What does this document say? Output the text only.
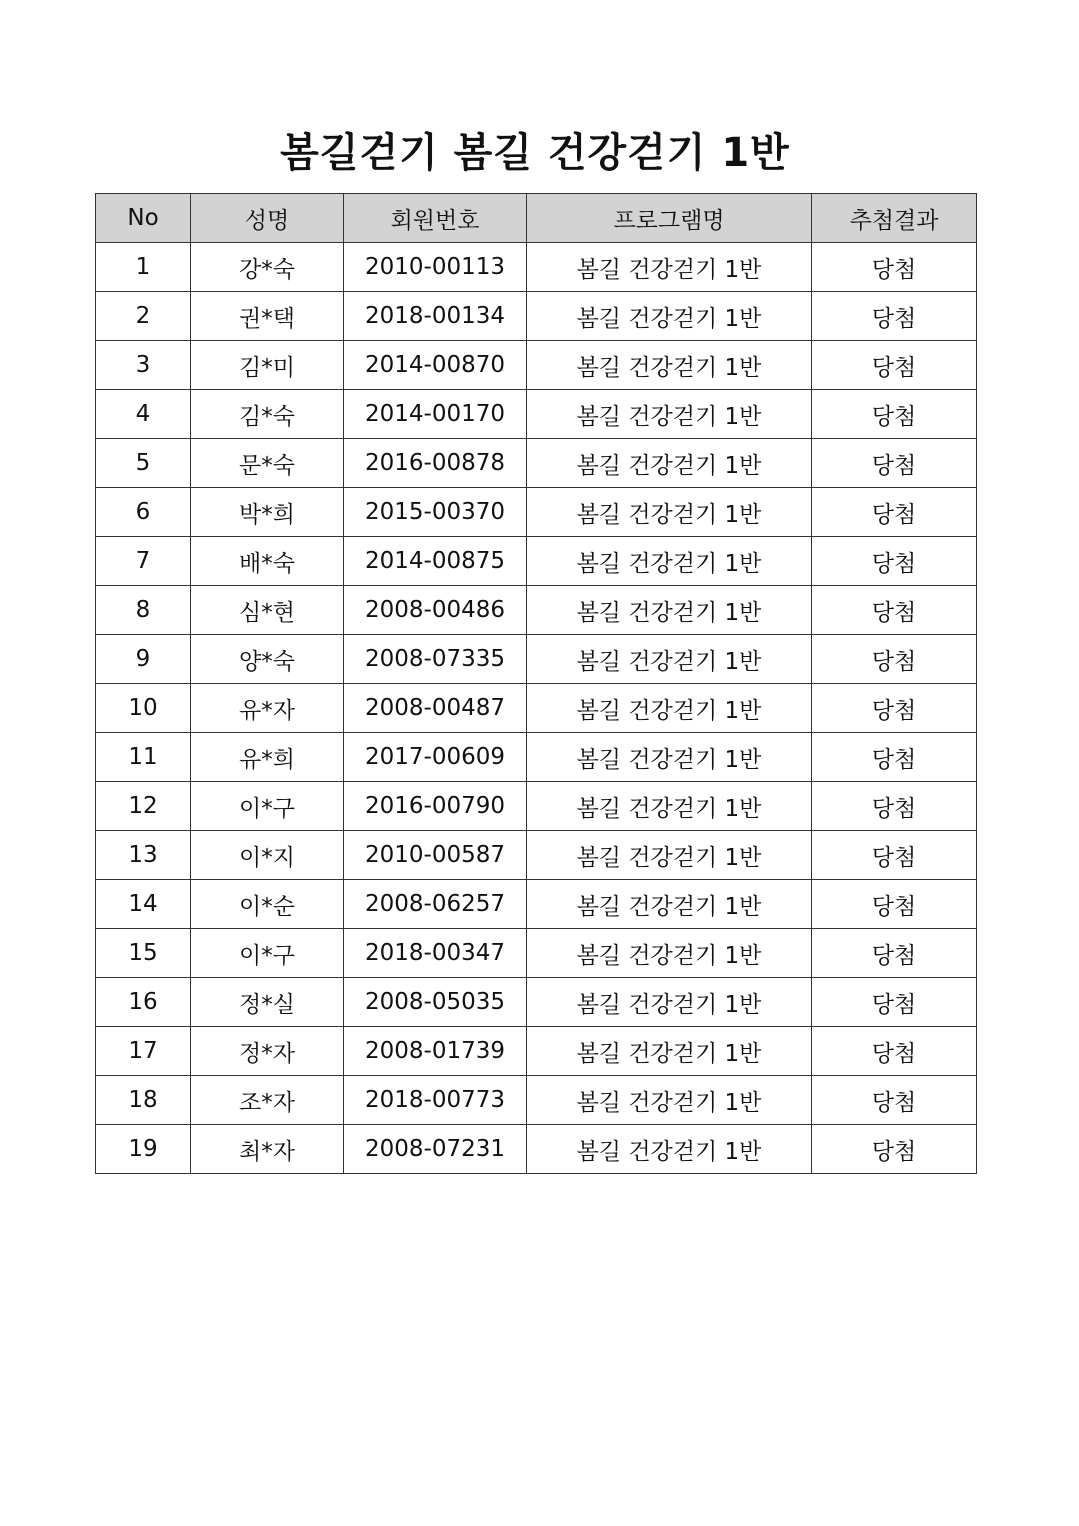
봄길걷기 봄길 건강걷기 1반
No	성명	회원번호	프로그램명	추첨결과
1	강*숙	2010-00113	봄길 건강걷기 1반	당첨
2	권*택	2018-00134	봄길 건강걷기 1반	당첨
3	김*미	2014-00870	봄길 건강걷기 1반	당첨
4	김*숙	2014-00170	봄길 건강걷기 1반	당첨
5	문*숙	2016-00878	봄길 건강걷기 1반	당첨
6	박*희	2015-00370	봄길 건강걷기 1반	당첨
7	배*숙	2014-00875	봄길 건강걷기 1반	당첨
8	심*현	2008-00486	봄길 건강걷기 1반	당첨
9	양*숙	2008-07335	봄길 건강걷기 1반	당첨
10	유*자	2008-00487	봄길 건강걷기 1반	당첨
11	유*희	2017-00609	봄길 건강걷기 1반	당첨
12	이*구	2016-00790	봄길 건강걷기 1반	당첨
13	이*지	2010-00587	봄길 건강걷기 1반	당첨
14	이*순	2008-06257	봄길 건강걷기 1반	당첨
15	이*구	2018-00347	봄길 건강걷기 1반	당첨
16	정*실	2008-05035	봄길 건강걷기 1반	당첨
17	정*자	2008-01739	봄길 건강걷기 1반	당첨
18	조*자	2018-00773	봄길 건강걷기 1반	당첨
19	최*자	2008-07231	봄길 건강걷기 1반	당첨
